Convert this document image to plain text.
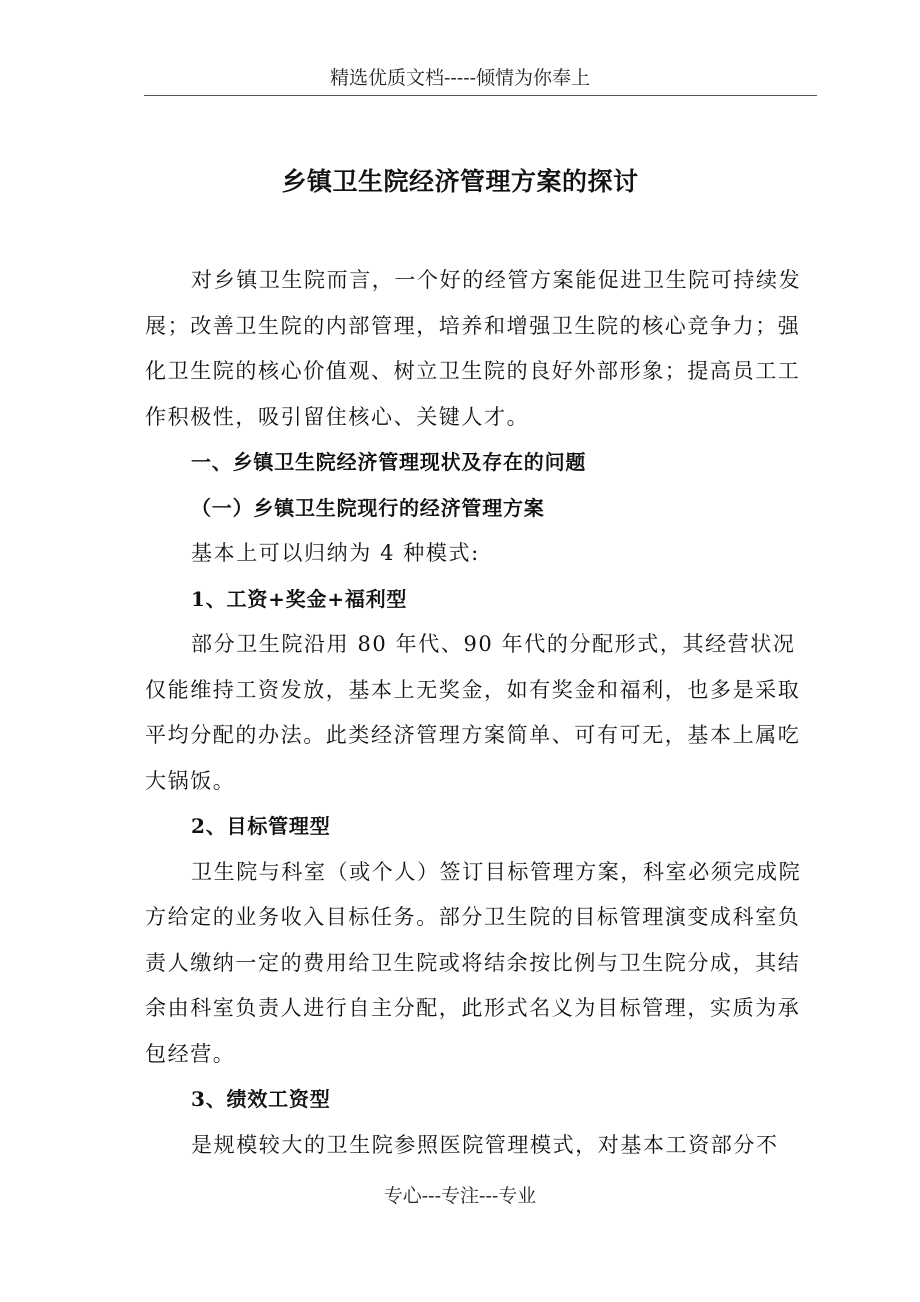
精选优质文档-----倾情为你奉上
乡镇卫生院经济管理方案的探讨

对乡镇卫生院而言，一个好的经管方案能促进卫生院可持续发展；改善卫生院的内部管理，培养和增强卫生院的核心竞争力；强化卫生院的核心价值观、树立卫生院的良好外部形象；提高员工工作积极性，吸引留住核心、关键人才。

一、乡镇卫生院经济管理现状及存在的问题
（一）乡镇卫生院现行的经济管理方案

基本上可以归纳为 4 种模式:

1、工资+奖金+福利型

部分卫生院沿用 80 年代、90 年代的分配形式，其经营状况仅能维持工资发放，基本上无奖金，如有奖金和福利，也多是采取平均分配的办法。此类经济管理方案简单、可有可无，基本上属吃大锅饭。

2、目标管理型

卫生院与科室（或个人）签订目标管理方案，科室必须完成院方给定的业务收入目标任务。部分卫生院的目标管理演变成科室负责人缴纳一定的费用给卫生院或将结余按比例与卫生院分成，其结余由科室负责人进行自主分配，此形式名义为目标管理，实质为承包经营。

3、绩效工资型

是规模较大的卫生院参照医院管理模式，对基本工资部分不

专心---专注---专业
